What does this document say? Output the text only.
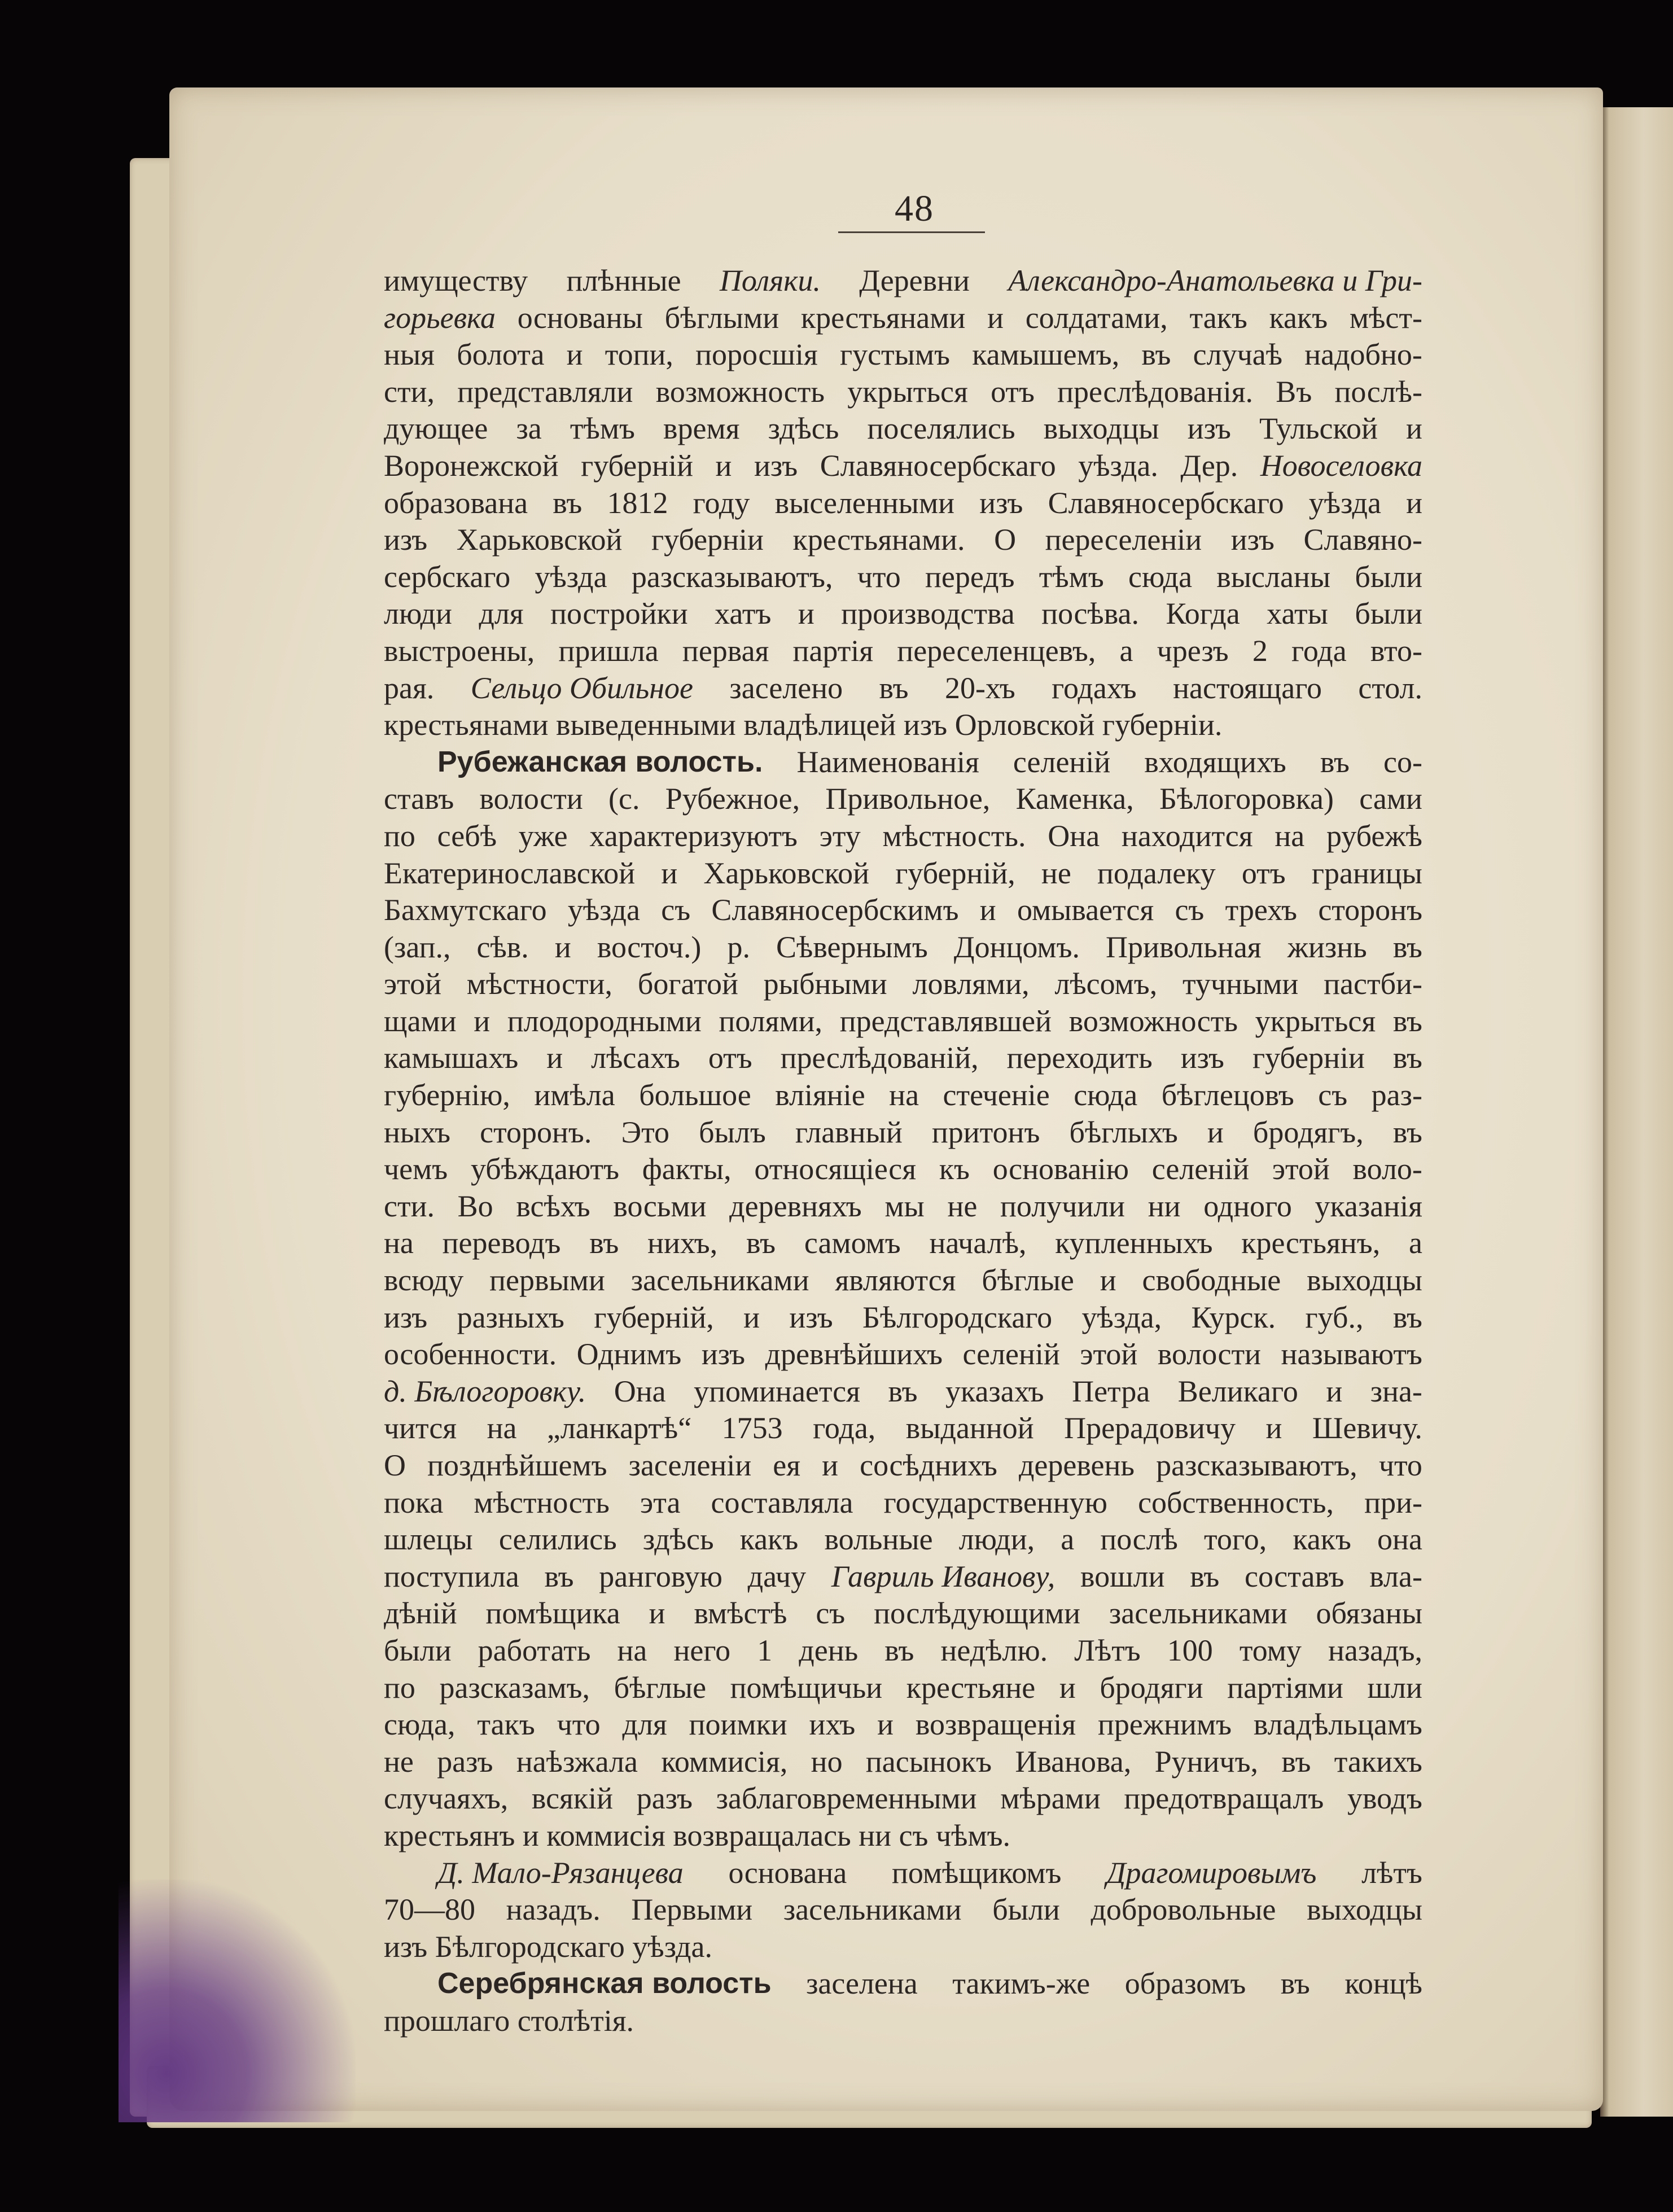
48
имуществу плѣнные Поляки. Деревни Александро-Анатольевка и Гри-
горьевка основаны бѣглыми крестьянами и солдатами, такъ какъ мѣст-
ныя болота и топи, поросшія густымъ камышемъ, въ случаѣ надобно-
сти, представляли возможность укрыться отъ преслѣдованія. Въ послѣ-
дующее за тѣмъ время здѣсь поселялись выходцы изъ Тульской и
Воронежской губерній и изъ Славяносербскаго уѣзда. Дер. Новоселовка
образована въ 1812 году выселенными изъ Славяносербскаго уѣзда и
изъ Харьковской губерніи крестьянами. О переселеніи изъ Славяно-
сербскаго уѣзда разсказываютъ, что передъ тѣмъ сюда высланы были
люди для постройки хатъ и производства посѣва. Когда хаты были
выстроены, пришла первая партія переселенцевъ, а чрезъ 2 года вто-
рая. Сельцо Обильное заселено въ 20-хъ годахъ настоящаго стол.
крестьянами выведенными владѣлицей изъ Орловской губерніи.
Рубежанская волость. Наименованія селеній входящихъ въ со-
ставъ волости (с. Рубежное, Привольное, Каменка, Бѣлогоровка) сами
по себѣ уже характеризуютъ эту мѣстность. Она находится на рубежѣ
Екатеринославской и Харьковской губерній, не подалеку отъ границы
Бахмутскаго уѣзда съ Славяносербскимъ и омывается съ трехъ сторонъ
(зап., сѣв. и восточ.) р. Сѣвернымъ Донцомъ. Привольная жизнь въ
этой мѣстности, богатой рыбными ловлями, лѣсомъ, тучными пастби-
щами и плодородными полями, представлявшей возможность укрыться въ
камышахъ и лѣсахъ отъ преслѣдованій, переходить изъ губерніи въ
губернію, имѣла большое вліяніе на стеченіе сюда бѣглецовъ съ раз-
ныхъ сторонъ. Это былъ главный притонъ бѣглыхъ и бродягъ, въ
чемъ убѣждаютъ факты, относящіеся къ основанію селеній этой воло-
сти. Во всѣхъ восьми деревняхъ мы не получили ни одного указанія
на переводъ въ нихъ, въ самомъ началѣ, купленныхъ крестьянъ, а
всюду первыми засельниками являются бѣглые и свободные выходцы
изъ разныхъ губерній, и изъ Бѣлгородскаго уѣзда, Курск. губ., въ
особенности. Однимъ изъ древнѣйшихъ селеній этой волости называютъ
д. Бѣлогоровку. Она упоминается въ указахъ Петра Великаго и зна-
чится на „ланкартѣ“ 1753 года, выданной Прерадовичу и Шевичу.
О позднѣйшемъ заселеніи ея и сосѣднихъ деревень разсказываютъ, что
пока мѣстность эта составляла государственную собственность, при-
шлецы селились здѣсь какъ вольные люди, а послѣ того, какъ она
поступила въ ранговую дачу Гавриль Иванову, вошли въ составъ вла-
дѣній помѣщика и вмѣстѣ съ послѣдующими засельниками обязаны
были работать на него 1 день въ недѣлю. Лѣтъ 100 тому назадъ,
по разсказамъ, бѣглые помѣщичьи крестьяне и бродяги партіями шли
сюда, такъ что для поимки ихъ и возвращенія прежнимъ владѣльцамъ
не разъ наѣзжала коммисія, но пасынокъ Иванова, Руничъ, въ такихъ
случаяхъ, всякій разъ заблаговременными мѣрами предотвращалъ уводъ
крестьянъ и коммисія возвращалась ни съ чѣмъ.
Д. Мало-Рязанцева основана помѣщикомъ Драгомировымъ лѣтъ
70—80 назадъ. Первыми засельниками были добровольные выходцы
изъ Бѣлгородскаго уѣзда.
Серебрянская волость заселена такимъ-же образомъ въ концѣ
прошлаго столѣтія.
